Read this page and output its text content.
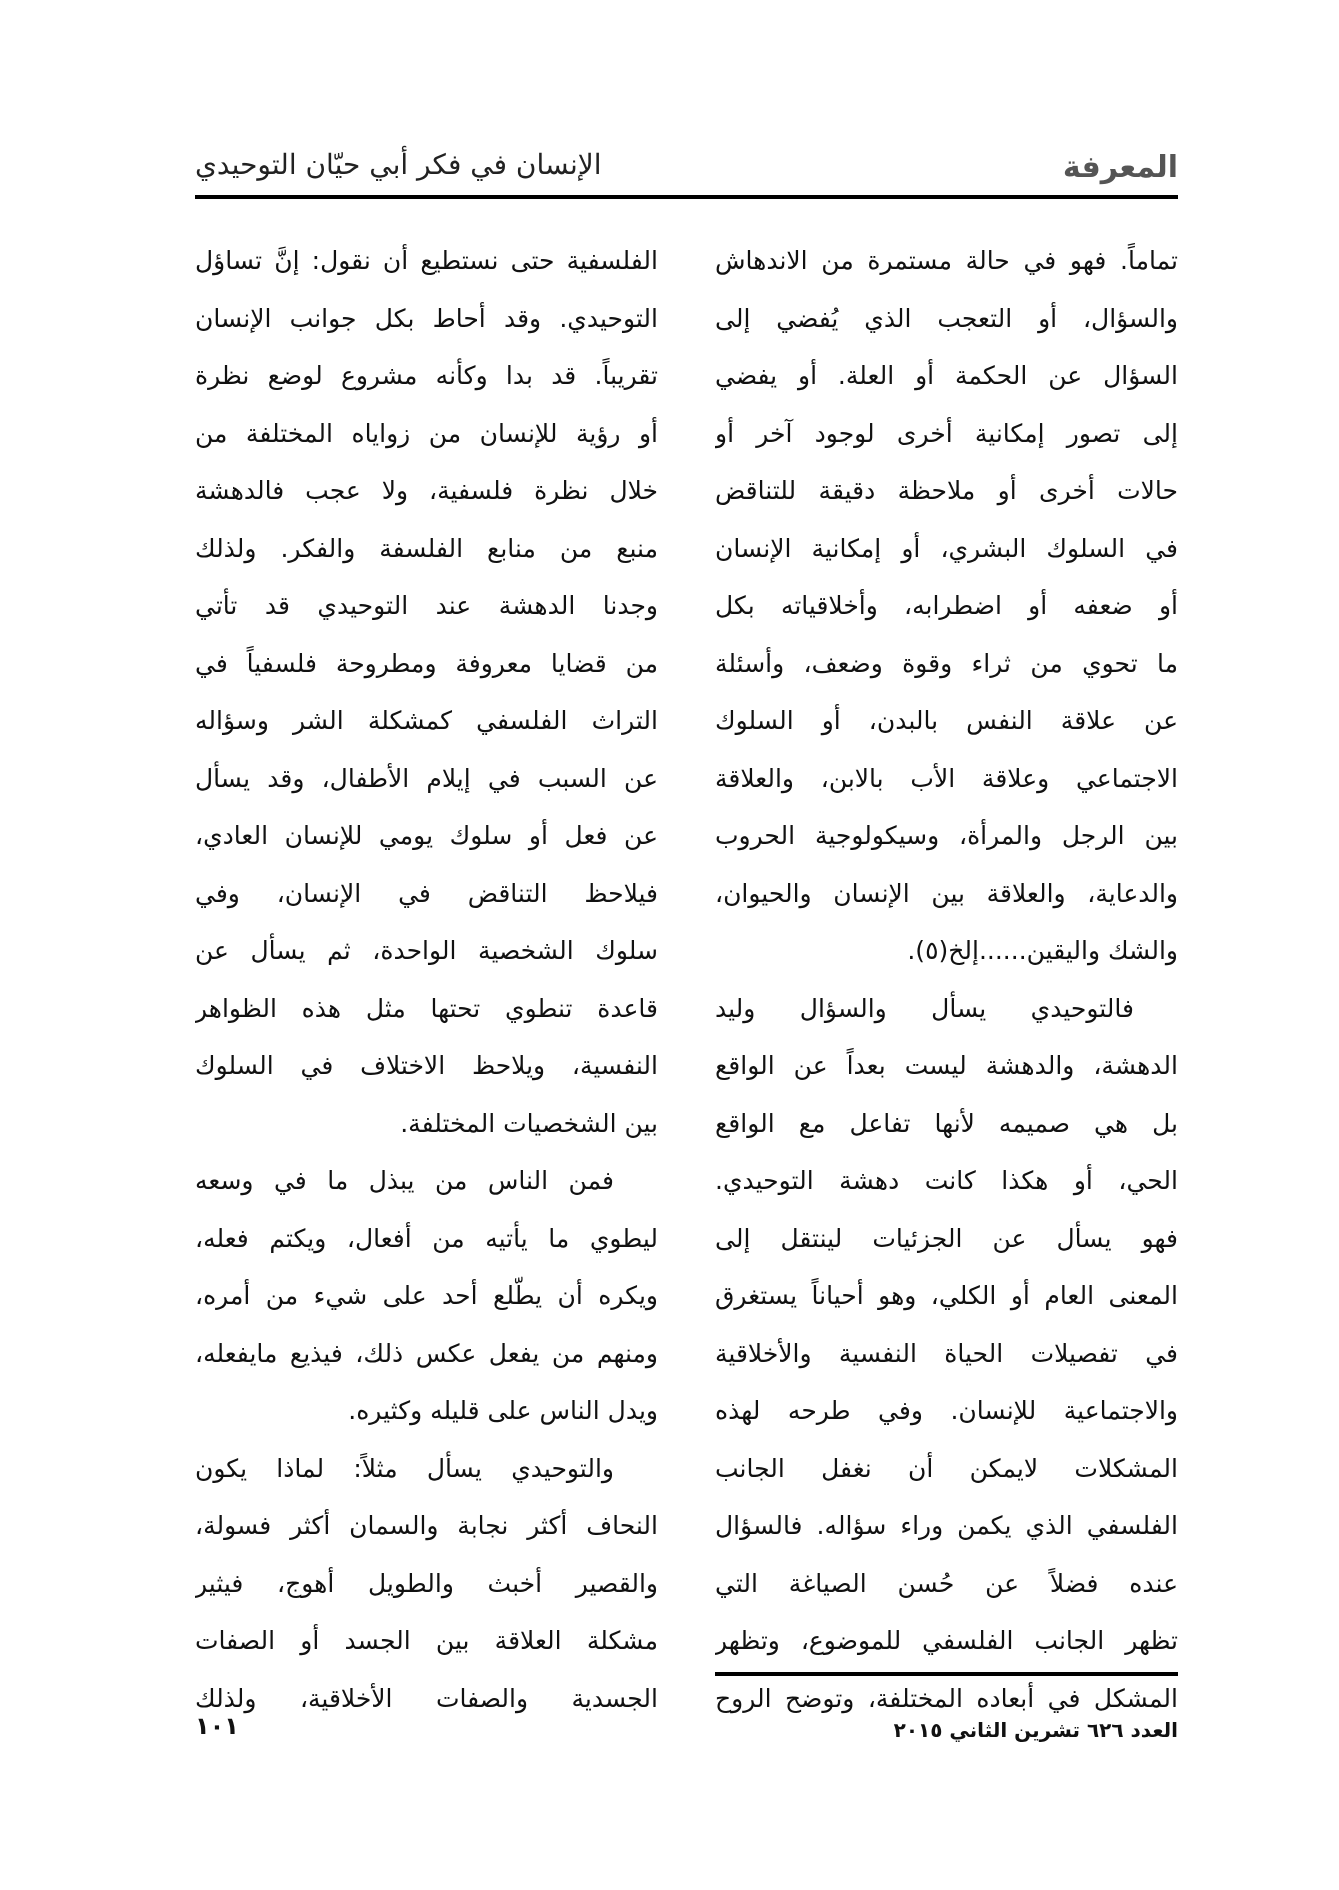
المعرفة
الإنسان في فكر أبي حيّان التوحيدي
تماماً. فهو في حالة مستمرة من الاندهاش
والسؤال، أو التعجب الذي يُفضي إلى
السؤال عن الحكمة أو العلة. أو يفضي
إلى تصور إمكانية أخرى لوجود آخر أو
حالات أخرى أو ملاحظة دقيقة للتناقض
في السلوك البشري، أو إمكانية الإنسان
أو ضعفه أو اضطرابه، وأخلاقياته بكل
ما تحوي من ثراء وقوة وضعف، وأسئلة
عن علاقة النفس بالبدن، أو السلوك
الاجتماعي وعلاقة الأب بالابن، والعلاقة
بين الرجل والمرأة، وسيكولوجية الحروب
والدعاية، والعلاقة بين الإنسان والحيوان،
والشك واليقين......إلخ(٥).
فالتوحيدي يسأل والسؤال وليد
الدهشة، والدهشة ليست بعداً عن الواقع
بل هي صميمه لأنها تفاعل مع الواقع
الحي، أو هكذا كانت دهشة التوحيدي.
فهو يسأل عن الجزئيات لينتقل إلى
المعنى العام أو الكلي، وهو أحياناً يستغرق
في تفصيلات الحياة النفسية والأخلاقية
والاجتماعية للإنسان. وفي طرحه لهذه
المشكلات لايمكن أن نغفل الجانب
الفلسفي الذي يكمن وراء سؤاله. فالسؤال
عنده فضلاً عن حُسن الصياغة التي
تظهر الجانب الفلسفي للموضوع، وتظهر
المشكل في أبعاده المختلفة، وتوضح الروح
الفلسفية حتى نستطيع أن نقول: إنَّ تساؤل
التوحيدي. وقد أحاط بكل جوانب الإنسان
تقريباً. قد بدا وكأنه مشروع لوضع نظرة
أو رؤية للإنسان من زواياه المختلفة من
خلال نظرة فلسفية، ولا عجب فالدهشة
منبع من منابع الفلسفة والفكر. ولذلك
وجدنا الدهشة عند التوحيدي قد تأتي
من قضايا معروفة ومطروحة فلسفياً في
التراث الفلسفي كمشكلة الشر وسؤاله
عن السبب في إيلام الأطفال، وقد يسأل
عن فعل أو سلوك يومي للإنسان العادي،
فيلاحظ التناقض في الإنسان، وفي
سلوك الشخصية الواحدة، ثم يسأل عن
قاعدة تنطوي تحتها مثل هذه الظواهر
النفسية، ويلاحظ الاختلاف في السلوك
بين الشخصيات المختلفة.
فمن الناس من يبذل ما في وسعه
ليطوي ما يأتيه من أفعال، ويكتم فعله،
ويكره أن يطّلع أحد على شيء من أمره،
ومنهم من يفعل عكس ذلك، فيذيع مايفعله،
ويدل الناس على قليله وكثيره.
والتوحيدي يسأل مثلاً: لماذا يكون
النحاف أكثر نجابة والسمان أكثر فسولة،
والقصير أخبث والطويل أهوج، فيثير
مشكلة العلاقة بين الجسد أو الصفات
الجسدية والصفات الأخلاقية، ولذلك
العدد ٦٢٦ تشرين الثاني ٢٠١٥
١٠١
